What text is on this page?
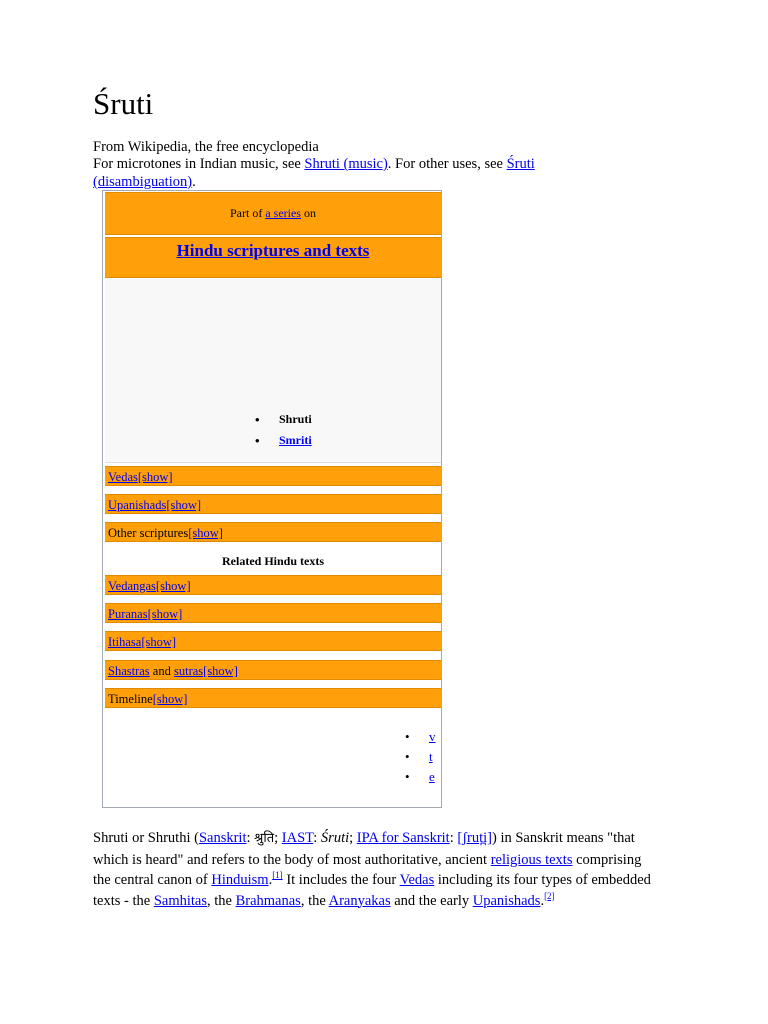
Śruti
From Wikipedia, the free encyclopedia
For microtones in Indian music, see Shruti (music). For other uses, see Śruti (disambiguation).
Part of a series on
Hindu scriptures and texts
• Shruti
• Smriti
Vedas[show]
Upanishads[show]
Other scriptures[show]
Related Hindu texts
Vedangas[show]
Puranas[show]
Itihasa[show]
Shastras and sutras[show]
Timeline[show]
• v
• t
• e

Shruti or Shruthi (Sanskrit: श्रुति; IAST: Śruti; IPA for Sanskrit: [ʃrut̪i]) in Sanskrit means "that which is heard" and refers to the body of most authoritative, ancient religious texts comprising the central canon of Hinduism.[1] It includes the four Vedas including its four types of embedded texts - the Samhitas, the Brahmanas, the Aranyakas and the early Upanishads.[2]
